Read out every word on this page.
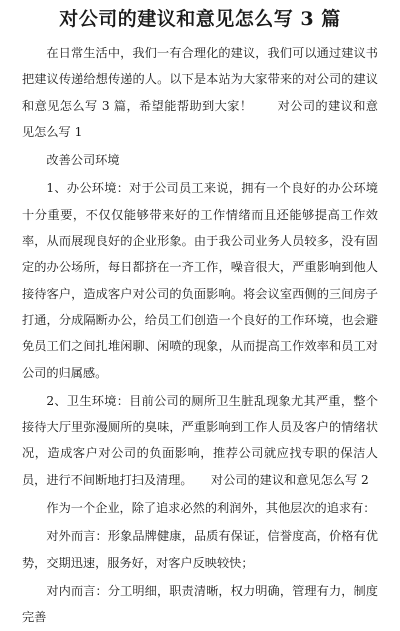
对公司的建议和意见怎么写 3 篇

在日常生活中，我们一有合理化的建议，我们可以通过建议书把建议传递给想传递的人。以下是本站为大家带来的对公司的建议和意见怎么写 3 篇，希望能帮助到大家！　　对公司的建议和意见怎么写 1

改善公司环境

1、办公环境：对于公司员工来说，拥有一个良好的办公环境十分重要，不仅仅能够带来好的工作情绪而且还能够提高工作效率，从而展现良好的企业形象。由于我公司业务人员较多，没有固定的办公场所，每日都挤在一齐工作，噪音很大，严重影响到他人接待客户，造成客户对公司的负面影响。将会议室西侧的三间房子打通，分成隔断办公，给员工们创造一个良好的工作环境，也会避免员工们之间扎堆闲聊、闲喷的现象，从而提高工作效率和员工对公司的归属感。

2、卫生环境：目前公司的厕所卫生脏乱现象尤其严重，整个接待大厅里弥漫厕所的臭味，严重影响到工作人员及客户的情绪状况，造成客户对公司的负面影响，推荐公司就应找专职的保洁人员，进行不间断地打扫及清理。　　对公司的建议和意见怎么写 2

作为一个企业，除了追求必然的利润外，其他层次的追求有：

对外而言：形象品牌健康，品质有保证，信誉度高，价格有优势，交期迅速，服务好，对客户反映较快；

对内而言：分工明细，职责清晰，权力明确，管理有力，制度完善
